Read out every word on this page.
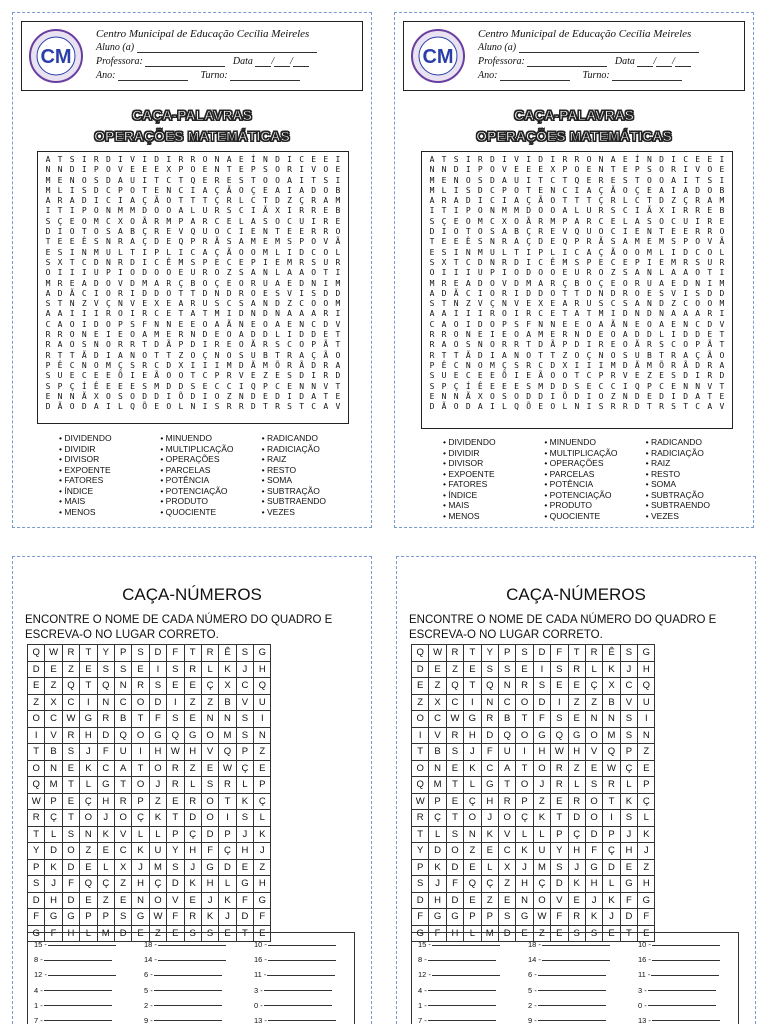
CM
Centro Municipal de Educação Cecília Meireles
Aluno (a)
Professora:	Data / /
Ano:	Turno:
CAÇA-PALAVRAS
OPERAÇÕES MATEMÁTICAS
A T S I R D I V I D I R R O N A E Í N D I C E E I
N N D I P O V E E E X P O E N T E P S O R I V O E
M E N O S D A U I T C T Q E R E S T O O A I T S I
M L I S D C P O T E N C I A Ç Ã O Ç E A I A D O B
A R A D I C I A Ç Ã O T T T Ç R L C T D Z Ç R A M
I T I P O N M M D O O A L U R S C I Ã X I R R E B
S Ç E O M C X O Ã R M P A R C E L A S O C U I R E
D I O T O S A B Ç R E V Q U O C I E N T E E R R O
T E E Ê S N R A Ç D E Q P R Ã S A M E M S P O V Ã
E S I N M U L T I P L I C A Ç Ã O O M L I D C O L
S X T C D N R D I C Ê M S P E C E P I E M R S U R
O I I I U P I O D O O E U R O Z S A N L A A O T I
M R E A D O V D M A R Ç B O Ç E O R U A E D N I M
A D Ã C I O R I D D O T T D N D R O E S V I S D D
S T N Z V Ç N V E X E A R U S C S A N D Z C O O M
A A I I I R O I R C E T A T M I D N D N A A A R I
C A O I D O P S F N N E E O A Ã N E O A E N C D V
R R O N E I E O A M E R N D E O A D D L I D D E T
R A O S N O R R T D Ã P D I R E O Ã R S C O P Ã T
R T T Ã D I A N O T T Z O Ç N O S U B T R A Ç Ã O
P Ê C N O M Ç S R C D X I I I M D Ã M Õ R Ã D R A
S U E C E E Õ I E Ã O O T C P R V E Z E S D I R D
S P Ç Í Ê E E E S M D D S E C C I Q P C E N N V T
E N N Ã X O S O D D I Õ D I O Z N D E D I D A T E
D Ã O D A I L Q Õ E O L N I S R R D T R S T C A V
• DIVIDENDO	• MINUENDO	• RADICANDO
• DIVIDIR	• MULTIPLICAÇÃO	• RADICIAÇÃO
• DIVISOR	• OPERAÇÕES	• RAIZ
• EXPOENTE	• PARCELAS	• RESTO
• FATORES	• POTÊNCIA	• SOMA
• ÍNDICE	• POTENCIAÇÃO	• SUBTRAÇÃO
• MAIS	• PRODUTO	• SUBTRAENDO
• MENOS	• QUOCIENTE	• VEZES
CM
Centro Municipal de Educação Cecília Meireles
Aluno (a)
Professora:	Data / /
Ano:	Turno:
CAÇA-PALAVRAS
OPERAÇÕES MATEMÁTICAS
A T S I R D I V I D I R R O N A E Í N D I C E E I
N N D I P O V E E E X P O E N T E P S O R I V O E
M E N O S D A U I T C T Q E R E S T O O A I T S I
M L I S D C P O T E N C I A Ç Ã O Ç E A I A D O B
A R A D I C I A Ç Ã O T T T Ç R L C T D Z Ç R A M
I T I P O N M M D O O A L U R S C I Ã X I R R E B
S Ç E O M C X O Ã R M P A R C E L A S O C U I R E
D I O T O S A B Ç R E V Q U O C I E N T E E R R O
T E E Ê S N R A Ç D E Q P R Ã S A M E M S P O V Ã
E S I N M U L T I P L I C A Ç Ã O O M L I D C O L
S X T C D N R D I C Ê M S P E C E P I E M R S U R
O I I I U P I O D O O E U R O Z S A N L A A O T I
M R E A D O V D M A R Ç B O Ç E O R U A E D N I M
A D Ã C I O R I D D O T T D N D R O E S V I S D D
S T N Z V Ç N V E X E A R U S C S A N D Z C O O M
A A I I I R O I R C E T A T M I D N D N A A A R I
C A O I D O P S F N N E E O A Ã N E O A E N C D V
R R O N E I E O A M E R N D E O A D D L I D D E T
R A O S N O R R T D Ã P D I R E O Ã R S C O P Ã T
R T T Ã D I A N O T T Z O Ç N O S U B T R A Ç Ã O
P Ê C N O M Ç S R C D X I I I M D Ã M Õ R Ã D R A
S U E C E E Õ I E Ã O O T C P R V E Z E S D I R D
S P Ç Í Ê E E E S M D D S E C C I Q P C E N N V T
E N N Ã X O S O D D I Õ D I O Z N D E D I D A T E
D Ã O D A I L Q Õ E O L N I S R R D T R S T C A V
• DIVIDENDO	• MINUENDO	• RADICANDO
• DIVIDIR	• MULTIPLICAÇÃO	• RADICIAÇÃO
• DIVISOR	• OPERAÇÕES	• RAIZ
• EXPOENTE	• PARCELAS	• RESTO
• FATORES	• POTÊNCIA	• SOMA
• ÍNDICE	• POTENCIAÇÃO	• SUBTRAÇÃO
• MAIS	• PRODUTO	• SUBTRAENDO
• MENOS	• QUOCIENTE	• VEZES
CAÇA-NÚMEROS
ENCONTRE O NOME DE CADA NÚMERO DO QUADRO E
ESCREVA-O NO LUGAR CORRETO.
Q	W	R	T	Y	P	S	D	F	T	R	Ê	S	G
D	E	Z	E	S	S	E	I	S	R	L	K	J	H
E	Z	Q	T	Q	N	R	S	E	E	Ç	X	C	Q
Z	X	C	I	N	C	O	D	I	Z	Z	B	V	U
O	C	W	G	R	B	T	F	S	E	N	N	S	I
I	V	R	H	D	Q	O	G	Q	G	O	M	S	N
T	B	S	J	F	U	I	H	W	H	V	Q	P	Z
O	N	E	K	C	A	T	O	R	Z	E	W	Ç	E
Q	M	T	L	G	T	O	J	R	L	S	R	L	P
W	P	E	Ç	H	R	P	Z	E	R	O	T	K	Ç
R	Ç	T	O	J	O	Ç	K	T	D	O	I	S	L
T	L	S	N	K	V	L	L	P	Ç	D	P	J	K
Y	D	O	Z	E	C	K	U	Y	H	F	Ç	H	J
P	K	D	E	L	X	J	M	S	J	G	D	E	Z
S	J	F	Q	Ç	Z	H	Ç	D	K	H	L	G	H
D	H	D	E	Z	E	N	O	V	E	J	K	F	G
F	G	G	P	P	S	G	W	F	R	K	J	D	F
G	F	H	L	M	D	E	Z	E	S	S	E	T	E
15 -	18 -	10 -
8 -	14 -	16 -
12 -	6 -	11 -
4 -	5 -	3 -
1 -	2 -	0 -
7 -	9 -	13 -
CAÇA-NÚMEROS
ENCONTRE O NOME DE CADA NÚMERO DO QUADRO E
ESCREVA-O NO LUGAR CORRETO.
Q	W	R	T	Y	P	S	D	F	T	R	Ê	S	G
D	E	Z	E	S	S	E	I	S	R	L	K	J	H
E	Z	Q	T	Q	N	R	S	E	E	Ç	X	C	Q
Z	X	C	I	N	C	O	D	I	Z	Z	B	V	U
O	C	W	G	R	B	T	F	S	E	N	N	S	I
I	V	R	H	D	Q	O	G	Q	G	O	M	S	N
T	B	S	J	F	U	I	H	W	H	V	Q	P	Z
O	N	E	K	C	A	T	O	R	Z	E	W	Ç	E
Q	M	T	L	G	T	O	J	R	L	S	R	L	P
W	P	E	Ç	H	R	P	Z	E	R	O	T	K	Ç
R	Ç	T	O	J	O	Ç	K	T	D	O	I	S	L
T	L	S	N	K	V	L	L	P	Ç	D	P	J	K
Y	D	O	Z	E	C	K	U	Y	H	F	Ç	H	J
P	K	D	E	L	X	J	M	S	J	G	D	E	Z
S	J	F	Q	Ç	Z	H	Ç	D	K	H	L	G	H
D	H	D	E	Z	E	N	O	V	E	J	K	F	G
F	G	G	P	P	S	G	W	F	R	K	J	D	F
G	F	H	L	M	D	E	Z	E	S	S	E	T	E
15 -	18 -	10 -
8 -	14 -	16 -
12 -	6 -	11 -
4 -	5 -	3 -
1 -	2 -	0 -
7 -	9 -	13 -
